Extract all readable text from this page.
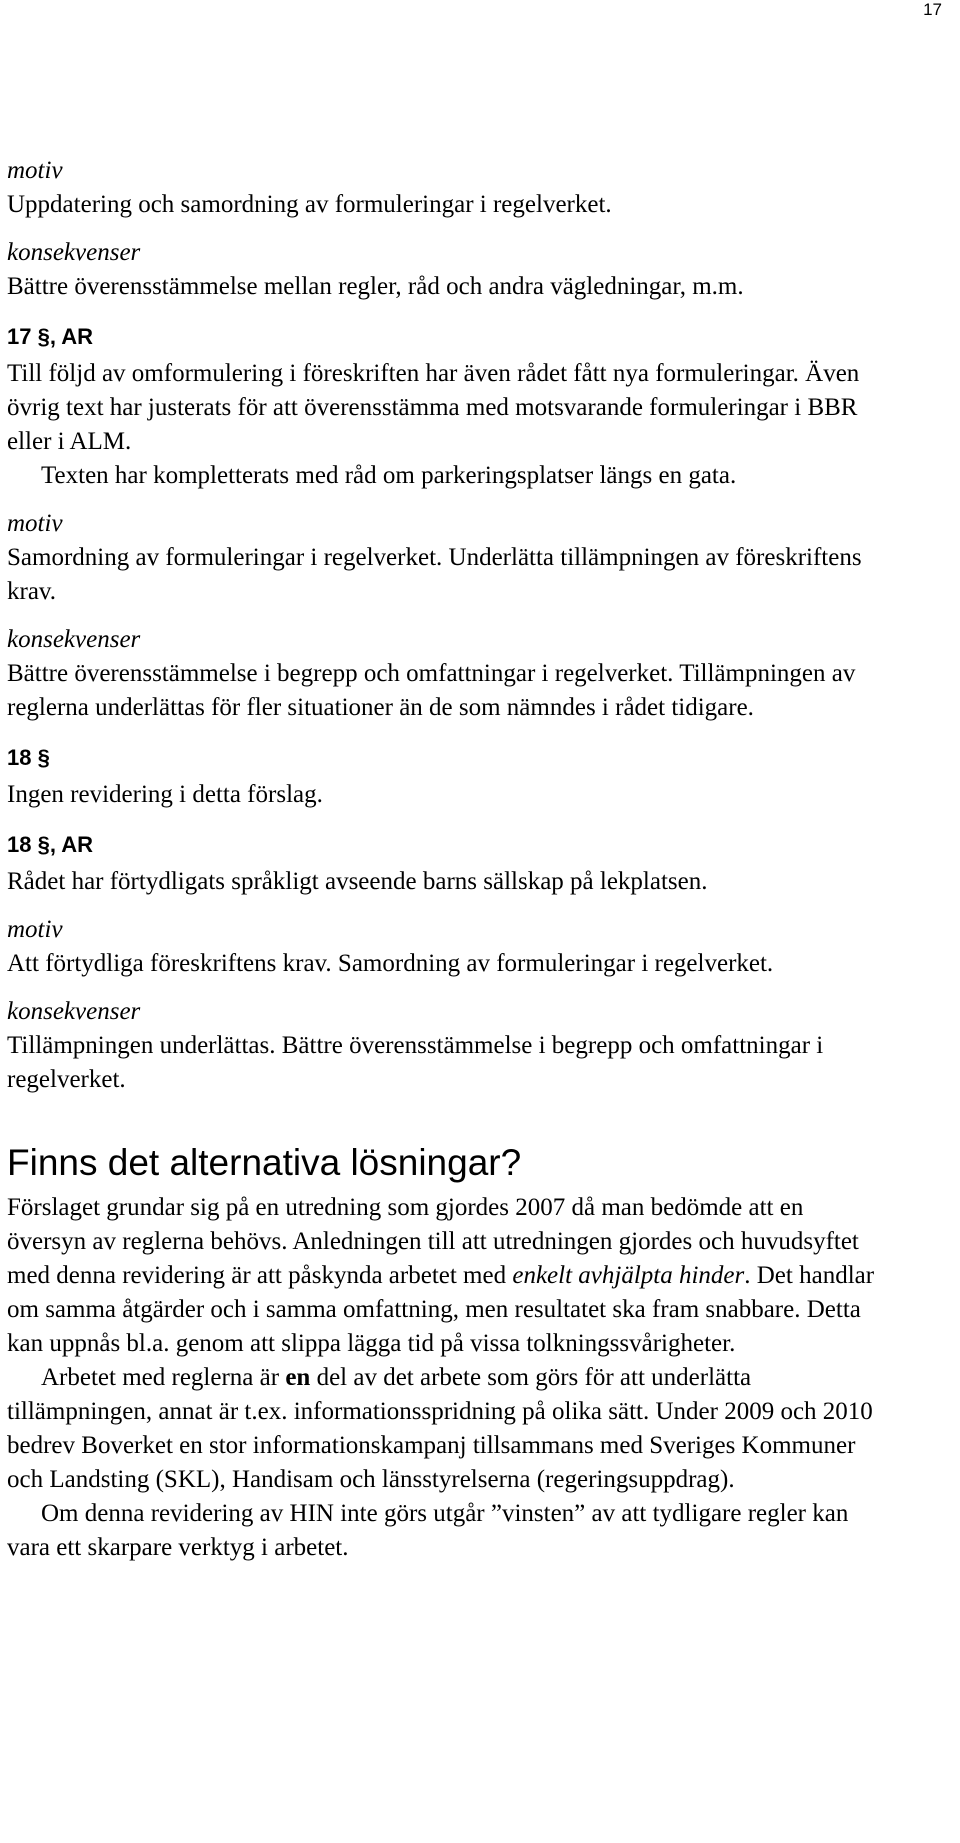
17

motiv

Uppdatering och samordning av formuleringar i regelverket.

konsekvenser

Bättre överensstämmelse mellan regler, råd och andra vägledningar, m.m.

17 §, AR

Till följd av omformulering i föreskriften har även rådet fått nya formuleringar. Även övrig text har justerats för att överensstämma med motsvarande formuleringar i BBR eller i ALM.

Texten har kompletterats med råd om parkeringsplatser längs en gata.

motiv

Samordning av formuleringar i regelverket. Underlätta tillämpningen av föreskriftens krav.

konsekvenser

Bättre överensstämmelse i begrepp och omfattningar i regelverket. Tillämpningen av reglerna underlättas för fler situationer än de som nämndes i rådet tidigare.

18 §

Ingen revidering i detta förslag.

18 §, AR

Rådet har förtydligats språkligt avseende barns sällskap på lekplatsen.

motiv

Att förtydliga föreskriftens krav. Samordning av formuleringar i regelverket.

konsekvenser

Tillämpningen underlättas. Bättre överensstämmelse i begrepp och omfattningar i regelverket.

Finns det alternativa lösningar?

Förslaget grundar sig på en utredning som gjordes 2007 då man bedömde att en översyn av reglerna behövs. Anledningen till att utredningen gjordes och huvudsyftet med denna revidering är att påskynda arbetet med enkelt avhjälpta hinder. Det handlar om samma åtgärder och i samma omfattning, men resultatet ska fram snabbare. Detta kan uppnås bl.a. genom att slippa lägga tid på vissa tolkningssvårigheter.

Arbetet med reglerna är en del av det arbete som görs för att underlätta tillämpningen, annat är t.ex. informationsspridning på olika sätt. Under 2009 och 2010 bedrev Boverket en stor informationskampanj tillsammans med Sveriges Kommuner och Landsting (SKL), Handisam och länsstyrelserna (regeringsuppdrag).

Om denna revidering av HIN inte görs utgår ”vinsten” av att tydligare regler kan vara ett skarpare verktyg i arbetet.
